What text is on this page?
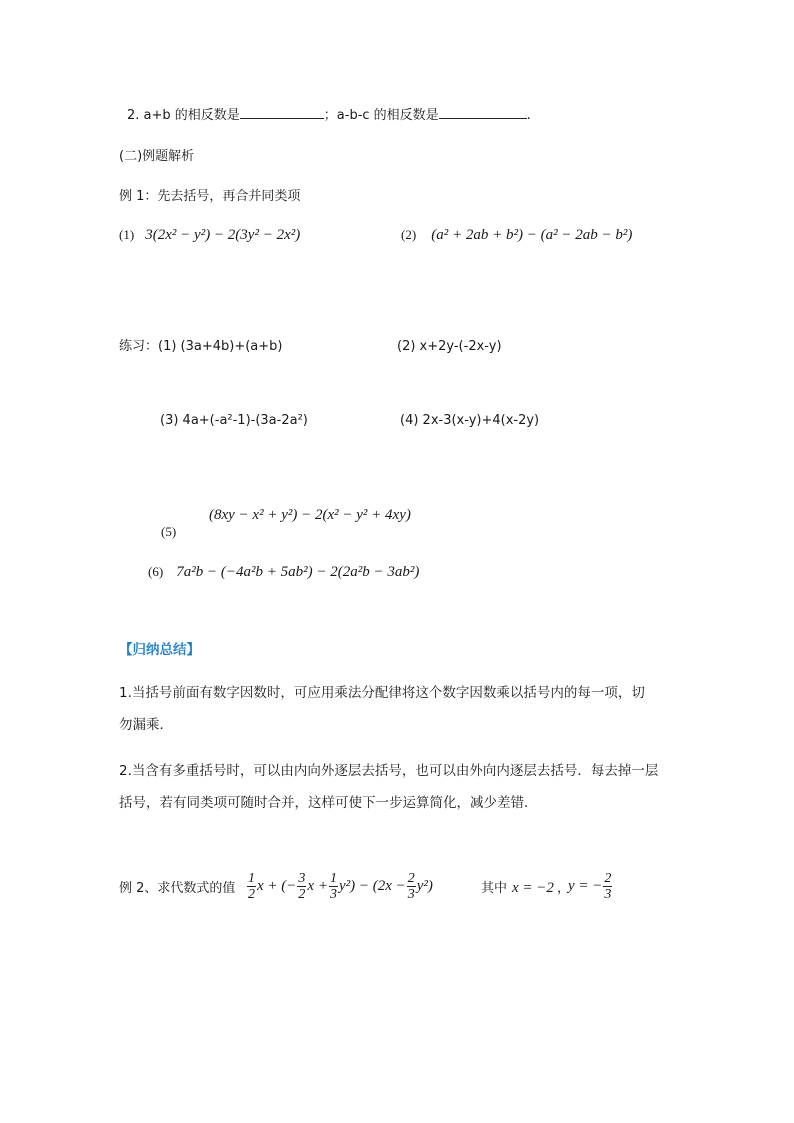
2. a+b 的相反数是	；a-b-c 的相反数是	.
(二)例题解析
例 1：先去括号，再合并同类项
(1) 3(2x² − y²) − 2(3y² − 2x²)	(2) (a² + 2ab + b²) − (a² − 2ab − b²)
练习：(1) (3a+4b)+(a+b)	(2) x+2y-(-2x-y)
(3) 4a+(-a²-1)-(3a-2a²)	(4) 2x-3(x-y)+4(x-2y)
(8xy − x² + y²) − 2(x² − y² + 4xy)
(5)
(6) 7a²b − (−4a²b + 5ab²) − 2(2a²b − 3ab²)
【归纳总结】
1.当括号前面有数字因数时，可应用乘法分配律将这个数字因数乘以括号内的每一项，切
勿漏乘．
2.当含有多重括号时，可以由内向外逐层去括号，也可以由外向内逐层去括号．每去掉一层
括号，若有同类项可随时合并，这样可使下一步运算简化，减少差错．
例 2、求代数式的值 $\frac{1}{2}$ x + (− $\frac{3}{2}$ $x + \frac{1}{3} y^2) - (2x - \frac{2}{3} y^2)$	其中 x = −2 ，
y = − $\frac{2}{3}$
